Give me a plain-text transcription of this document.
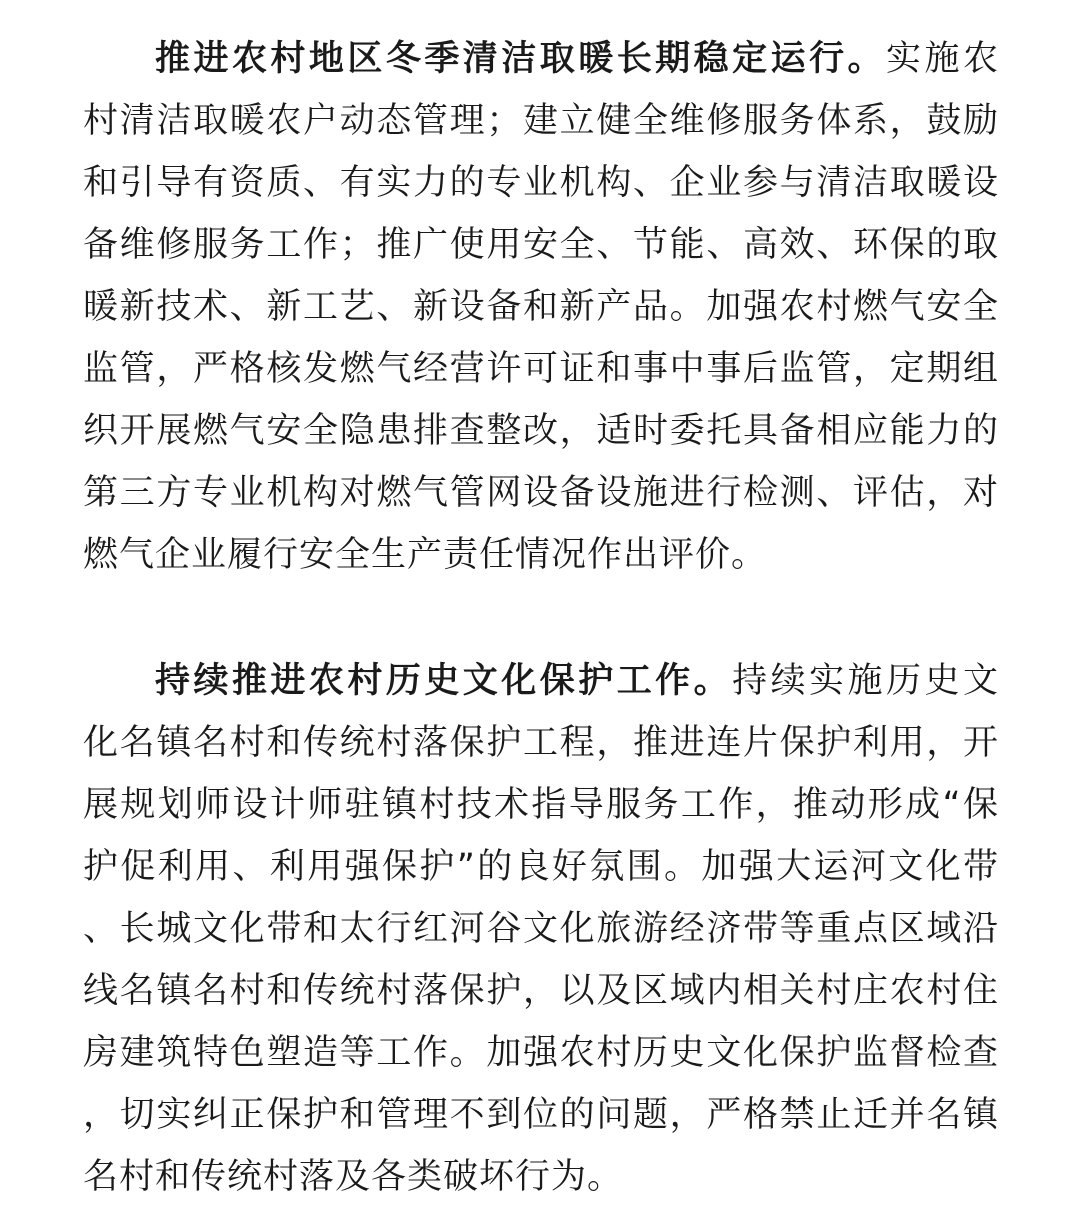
推进农村地区冬季清洁取暖长期稳定运行。实施农
村清洁取暖农户动态管理；建立健全维修服务体系，鼓励
和引导有资质、有实力的专业机构、企业参与清洁取暖设
备维修服务工作；推广使用安全、节能、高效、环保的取
暖新技术、新工艺、新设备和新产品。加强农村燃气安全
监管，严格核发燃气经营许可证和事中事后监管，定期组
织开展燃气安全隐患排查整改，适时委托具备相应能力的
第三方专业机构对燃气管网设备设施进行检测、评估，对
燃气企业履行安全生产责任情况作出评价。
持续推进农村历史文化保护工作。持续实施历史文
化名镇名村和传统村落保护工程，推进连片保护利用，开
展规划师设计师驻镇村技术指导服务工作，推动形成“保
护促利用、利用强保护”的良好氛围。加强大运河文化带
、长城文化带和太行红河谷文化旅游经济带等重点区域沿
线名镇名村和传统村落保护，以及区域内相关村庄农村住
房建筑特色塑造等工作。加强农村历史文化保护监督检查
，切实纠正保护和管理不到位的问题，严格禁止迁并名镇
名村和传统村落及各类破坏行为。
